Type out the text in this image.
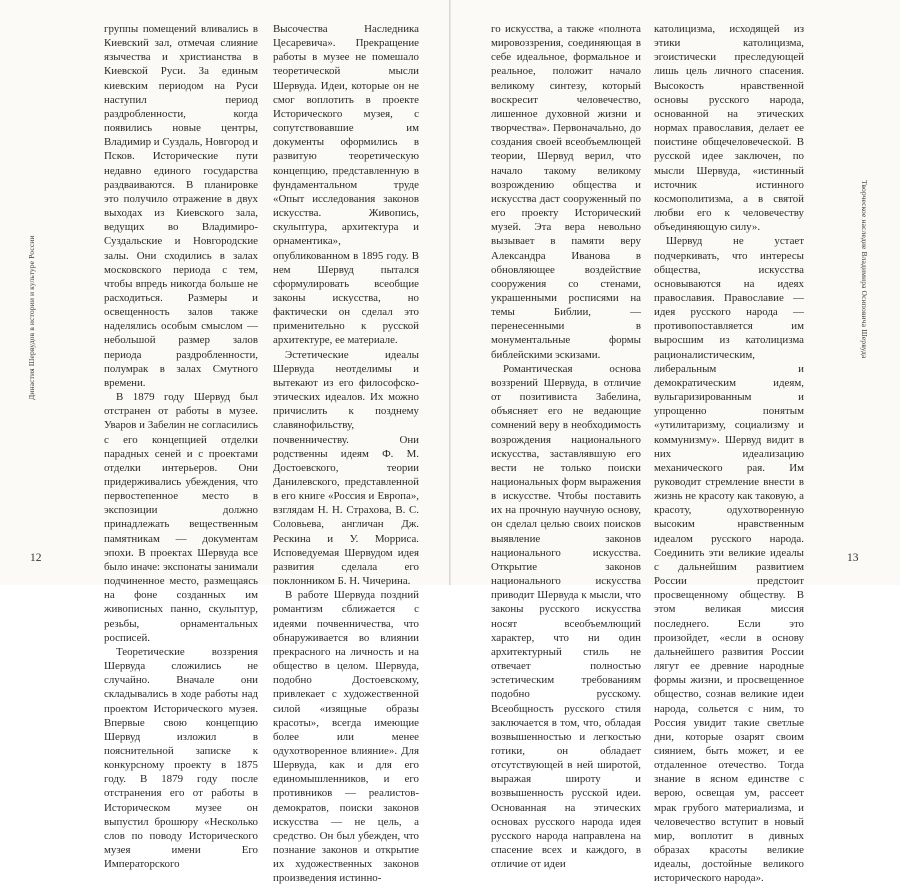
Династия Шервудов в истории и культуре России

группы помещений вливались в Киевский зал, отмечая слияние язычества и христианства в Киевской Руси. За единым киевским периодом на Руси наступил период раздробленности, когда появились новые центры, Владимир и Суздаль, Новгород и Псков. Исторические пути недавно единого государства раздваиваются. В планировке это получило отражение в двух выходах из Киевского зала, ведущих во Владимиро-Суздальские и Новгородские залы. Они сходились в залах московского периода с тем, чтобы впредь никогда больше не расходиться. Размеры и освещенность залов также наделялись особым смыслом — небольшой размер залов периода раздробленности, полумрак в залах Смутного времени.

В 1879 году Шервуд был отстранен от работы в музее. Уваров и Забелин не согласились с его концепцией отделки парадных сеней и с проектами отделки интерьеров. Они придерживались убеждения, что первостепенное место в экспозиции должно принадлежать вещественным памятникам — документам эпохи. В проектах Шервуда все было иначе: экспонаты занимали подчиненное место, размещаясь на фоне созданных им живописных панно, скульптур, резьбы, орнаментальных росписей.

Теоретические воззрения Шервуда сложились не случайно. Вначале они складывались в ходе работы над проектом Исторического музея. Впервые свою концепцию Шервуд изложил в пояснительной записке к конкурсному проекту в 1875 году. В 1879 году после отстранения его от работы в Историческом музее он выпустил брошюру «Несколько слов по поводу Исторического музея имени Его Императорского

Высочества Наследника Цесаревича». Прекращение работы в музее не помешало теоретической мысли Шервуда. Идеи, которые он не смог воплотить в проекте Исторического музея, с сопутствовавшие им документы оформились в развитую теоретическую концепцию, представленную в фундаментальном труде «Опыт исследования законов искусства. Живопись, скульптура, архитектура и орнаментика», опубликованном в 1895 году. В нем Шервуд пытался сформулировать всеобщие законы искусства, но фактически он сделал это применительно к русской архитектуре, ее материале.

Эстетические идеалы Шервуда неотделимы и вытекают из его философско-этических идеалов. Их можно причислить к позднему славянофильству, почвенничеству. Они родственны идеям Ф. М. Достоевского, теории Данилевского, представленной в его книге «Россия и Европа», взглядам Н. Н. Страхова, В. С. Соловьева, англичан Дж. Рескина и У. Морриса. Исповедуемая Шервудом идея развития сделала его поклонником Б. Н. Чичерина.

В работе Шервуда поздний романтизм сближается с идеями почвенничества, что обнаруживается во влиянии прекрасного на личность и на общество в целом. Шервуда, подобно Достоевскому, привлекает с художественной силой «изящные образы красоты», всегда имеющие более или менее одухотворенное влияние». Для Шервуда, как и для его единомышленников, и его противников — реалистов-демократов, поиски законов искусства — не цель, а средство. Он был убежден, что познание законов и открытие их художественных законов произведения истинно-

12

го искусства, а также «полнота мировоззрения, соединяющая в себе идеальное, формальное и реальное, положит начало великому синтезу, который воскресит человечество, лишенное духовной жизни и творчества». Первоначально, до создания своей всеобъемлющей теории, Шервуд верил, что начало такому великому возрождению общества и искусства даст сооруженный по его проекту Исторический музей. Эта вера невольно вызывает в памяти веру Александра Иванова в обновляющее воздействие сооружения со стенами, украшенными росписями на темы Библии, — перенесенными в монументальные формы библейскими эскизами.

Романтическая основа воззрений Шервуда, в отличие от позитивиста Забелина, объясняет его не ведающие сомнений веру в необходимость возрождения национального искусства, заставлявшую его вести не только поиски национальных форм выражения в искусстве. Чтобы поставить их на прочную научную основу, он сделал целью своих поисков выявление законов национального искусства. Открытие законов национального искусства приводит Шервуда к мысли, что законы русского искусства носят всеобъемлющий характер, что ни один архитектурный стиль не отвечает полностью эстетическим требованиям подобно русскому. Всеобщность русского стиля заключается в том, что, обладая возвышенностью и легкостью готики, он обладает отсутствующей в ней широтой, выражая широту и возвышенность русской идеи. Основанная на этических основах русского народа идея русского народа направлена на спасение всех и каждого, в отличие от идеи

католицизма, исходящей из этики католицизма, эгоистически преследующей лишь цель личного спасения. Высокость нравственной основы русского народа, основанной на этических нормах православия, делает ее поистине общечеловеческой. В русской идее заключен, по мысли Шервуда, «истинный источник истинного космополитизма, а в святой любви его к человечеству объединяющую силу».

Шервуд не устает подчеркивать, что интересы общества, искусства основываются на идеях православия. Православие — идея русского народа — противопоставляется им выросшим из католицизма рационалистическим, либеральным и демократическим идеям, вульгаризированным и упрощенно понятым «утилитаризму, социализму и коммунизму». Шервуд видит в них идеализацию механического рая. Им руководит стремление внести в жизнь не красоту как таковую, а красоту, одухотворенную высоким нравственным идеалом русского народа. Соединить эти великие идеалы с дальнейшим развитием России предстоит просвещенному обществу. В этом великая миссия последнего. Если это произойдет, «если в основу дальнейшего развития России лягут ее древние народные формы жизни, и просвещенное общество, сознав великие идеи народа, сольется с ним, то Россия увидит такие светлые дни, которые озарят своим сиянием, быть может, и ее отдаленное отечество. Тогда знание в ясном единстве с верою, освещая ум, рассеет мрак грубого материализма, и человечество вступит в новый мир, воплотит в дивных образах красоты великие идеалы, достойные великого исторического народа».

Творческое наследие Владимира Осиповича Шервуда
13
